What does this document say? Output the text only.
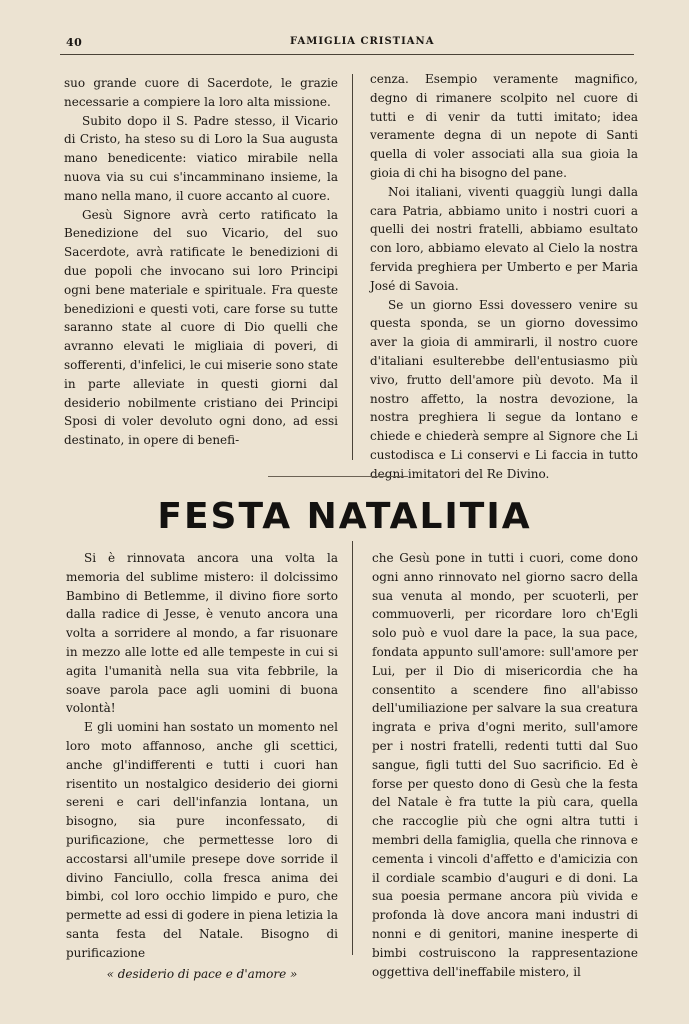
40	FAMIGLIA CRISTIANA

suo grande cuore di Sacerdote, le grazie necessarie a compiere la loro alta missione.

Subito dopo il S. Padre stesso, il Vicario di Cristo, ha steso su di Loro la Sua augusta mano benedicente: viatico mirabile nella nuova via su cui s'incamminano insieme, la mano nella mano, il cuore accanto al cuore.

Gesù Signore avrà certo ratificato la Benedizione del suo Vicario, del suo Sacerdote, avrà ratificate le benedizioni di due popoli che invocano sui loro Principi ogni bene materiale e spirituale. Fra queste benedizioni e questi voti, care forse su tutte saranno state al cuore di Dio quelli che avranno elevati le migliaia di poveri, di sofferenti, d'infelici, le cui miserie sono state in parte alleviate in questi giorni dal desiderio nobilmente cristiano dei Principi Sposi di voler devoluto ogni dono, ad essi destinato, in opere di benefi-

cenza. Esempio veramente magnifico, degno di rimanere scolpito nel cuore di tutti e di venir da tutti imitato; idea veramente degna di un nepote di Santi quella di voler associati alla sua gioia la gioia di chi ha bisogno del pane.

Noi italiani, viventi quaggiù lungi dalla cara Patria, abbiamo unito i nostri cuori a quelli dei nostri fratelli, abbiamo esultato con loro, abbiamo elevato al Cielo la nostra fervida preghiera per Umberto e per Maria José di Savoia.

Se un giorno Essi dovessero venire su questa sponda, se un giorno dovessimo aver la gioia di ammirarli, il nostro cuore d'italiani esulterebbe dell'entusiasmo più vivo, frutto dell'amore più devoto. Ma il nostro affetto, la nostra devozione, la nostra preghiera li segue da lontano e chiede e chiederà sempre al Signore che Li custodisca e Li conservi e Li faccia in tutto degni imitatori del Re Divino.

FESTA NATALITIA

Si è rinnovata ancora una volta la memoria del sublime mistero: il dolcissimo Bambino di Betlemme, il divino fiore sorto dalla radice di Jesse, è venuto ancora una volta a sorridere al mondo, a far risuonare in mezzo alle lotte ed alle tempeste in cui si agita l'umanità nella sua vita febbrile, la soave parola pace agli uomini di buona volontà!

E gli uomini han sostato un momento nel loro moto affannoso, anche gli scettici, anche gl'indifferenti e tutti i cuori han risentito un nostalgico desiderio dei giorni sereni e cari dell'infanzia lontana, un bisogno, sia pure inconfessato, di purificazione, che permettesse loro di accostarsi all'umile presepe dove sorride il divino Fanciullo, colla fresca anima dei bimbi, col loro occhio limpido e puro, che permette ad essi di godere in piena letizia la santa festa del Natale. Bisogno di purificazione

« desiderio di pace e d'amore »

che Gesù pone in tutti i cuori, come dono ogni anno rinnovato nel giorno sacro della sua venuta al mondo, per scuoterli, per commuoverli, per ricordare loro ch'Egli solo può e vuol dare la pace, la sua pace, fondata appunto sull'amore: sull'amore per Lui, per il Dio di misericordia che ha consentito a scendere fino all'abisso dell'umiliazione per salvare la sua creatura ingrata e priva d'ogni merito, sull'amore per i nostri fratelli, redenti tutti dal Suo sangue, figli tutti del Suo sacrificio. Ed è forse per questo dono di Gesù che la festa del Natale è fra tutte la più cara, quella che raccoglie più che ogni altra tutti i membri della famiglia, quella che rinnova e cementa i vincoli d'affetto e d'amicizia con il cordiale scambio d'auguri e di doni. La sua poesia permane ancora più vivida e profonda là dove ancora mani industri di nonni e di genitori, manine inesperte di bimbi costruiscono la rappresentazione oggettiva dell'ineffabile mistero, il
